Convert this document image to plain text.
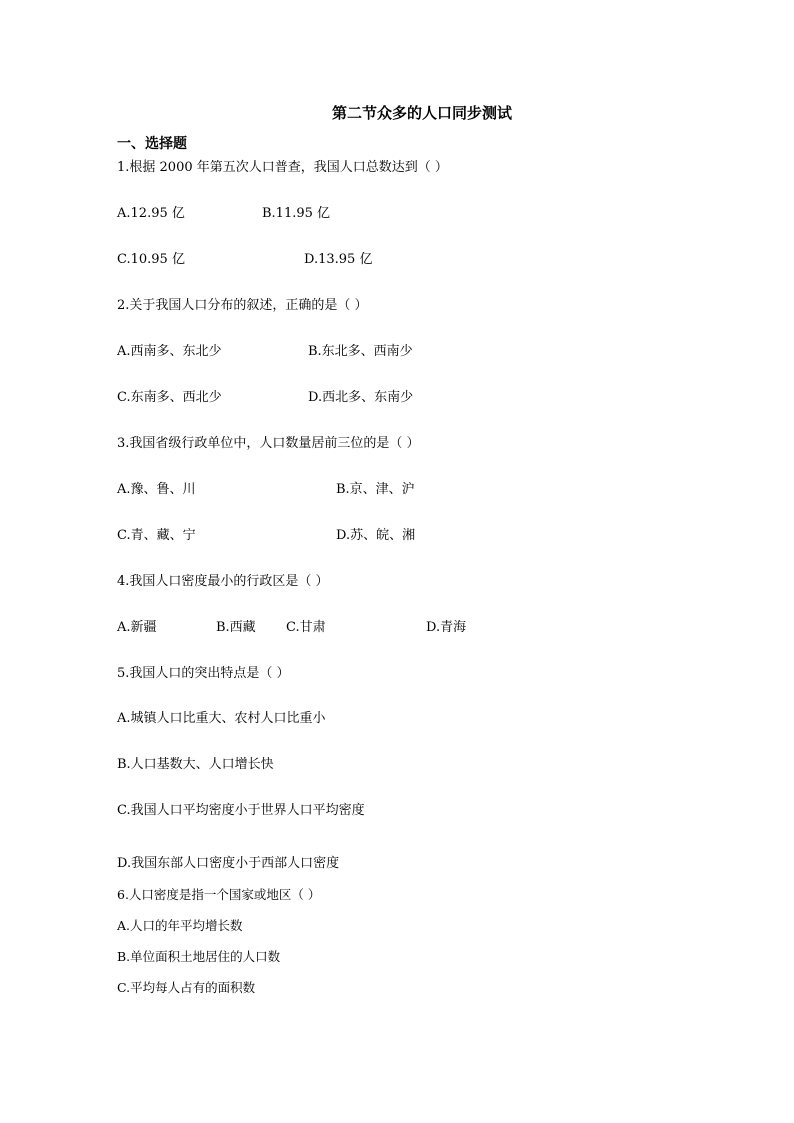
第二节众多的人口同步测试
一、选择题
1.根据 2000 年第五次人口普查，我国人口总数达到（ ）
A.12.95 亿	B.11.95 亿
C.10.95 亿	D.13.95 亿
2.关于我国人口分布的叙述，正确的是（ ）
A.西南多、东北少	B.东北多、西南少
C.东南多、西北少	D.西北多、东南少
3.我国省级行政单位中，人口数量居前三位的是（ ）
A.豫、鲁、川	B.京、津、沪
C.青、藏、宁	D.苏、皖、湘
4.我国人口密度最小的行政区是（ ）
A.新疆	B.西藏 C.甘肃	D.青海
5.我国人口的突出特点是（ ）
A.城镇人口比重大、农村人口比重小
B.人口基数大、人口增长快
C.我国人口平均密度小于世界人口平均密度
D.我国东部人口密度小于西部人口密度
6.人口密度是指一个国家或地区（ ）
A.人口的年平均增长数
B.单位面积土地居住的人口数
C.平均每人占有的面积数
